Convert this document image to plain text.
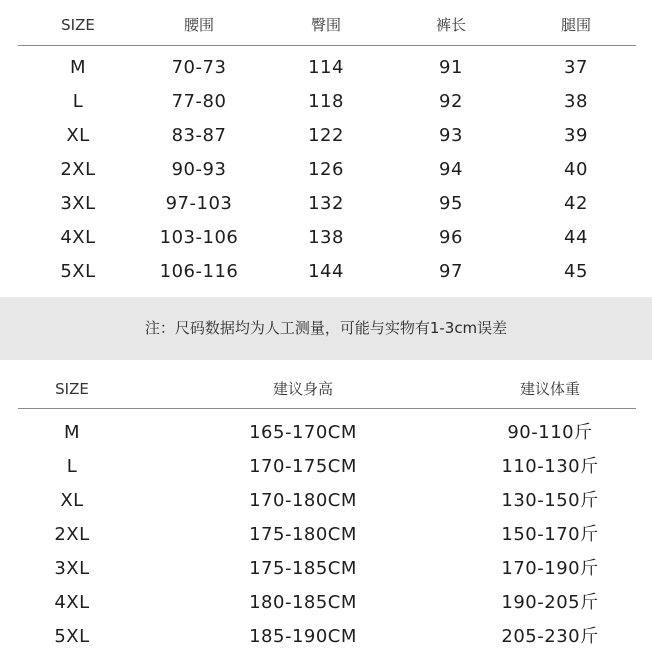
SIZE	腰围	臀围	裤长	腿围
M	70-73	114	91	37
L	77-80	118	92	38
XL	83-87	122	93	39
2XL	90-93	126	94	40
3XL	97-103	132	95	42
4XL	103-106	138	96	44
5XL	106-116	144	97	45
注：尺码数据均为人工测量，可能与实物有1-3cm误差
SIZE	建议身高	建议体重
M	165-170CM	90-110斤
L	170-175CM	110-130斤
XL	170-180CM	130-150斤
2XL	175-180CM	150-170斤
3XL	175-185CM	170-190斤
4XL	180-185CM	190-205斤
5XL	185-190CM	205-230斤
